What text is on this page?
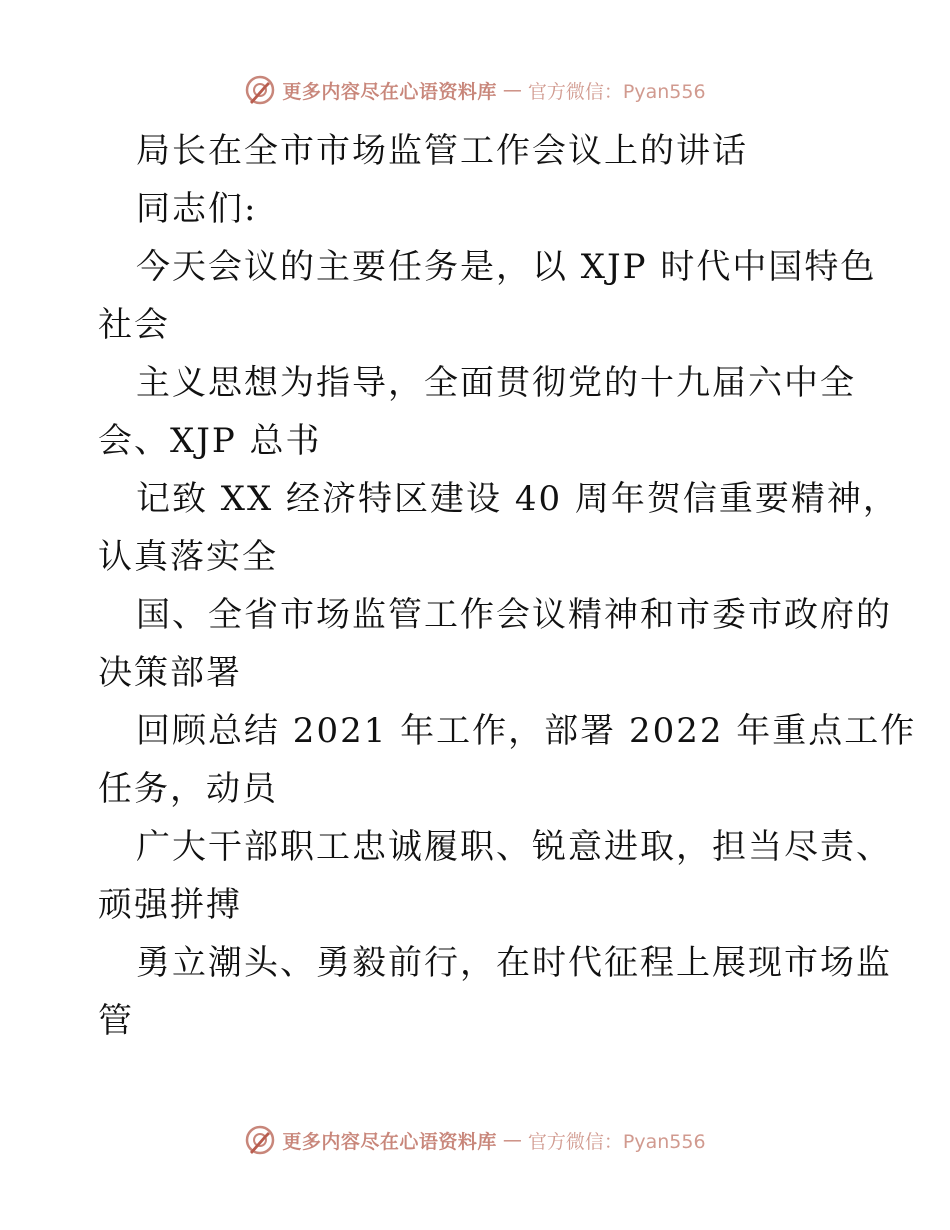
更多内容尽在心语资料库 — 官方微信：Pyan556
局长在全市市场监管工作会议上的讲话
同志们:
今天会议的主要任务是，以 XJP 时代中国特色
社会
主义思想为指导，全面贯彻党的十九届六中全
会、XJP 总书
记致 XX 经济特区建设 40 周年贺信重要精神，
认真落实全
国、全省市场监管工作会议精神和市委市政府的
决策部署
回顾总结 2021 年工作，部署 2022 年重点工作
任务，动员
广大干部职工忠诚履职、锐意进取，担当尽责、
顽强拼搏
勇立潮头、勇毅前行，在时代征程上展现市场监
管
更多内容尽在心语资料库 — 官方微信：Pyan556
